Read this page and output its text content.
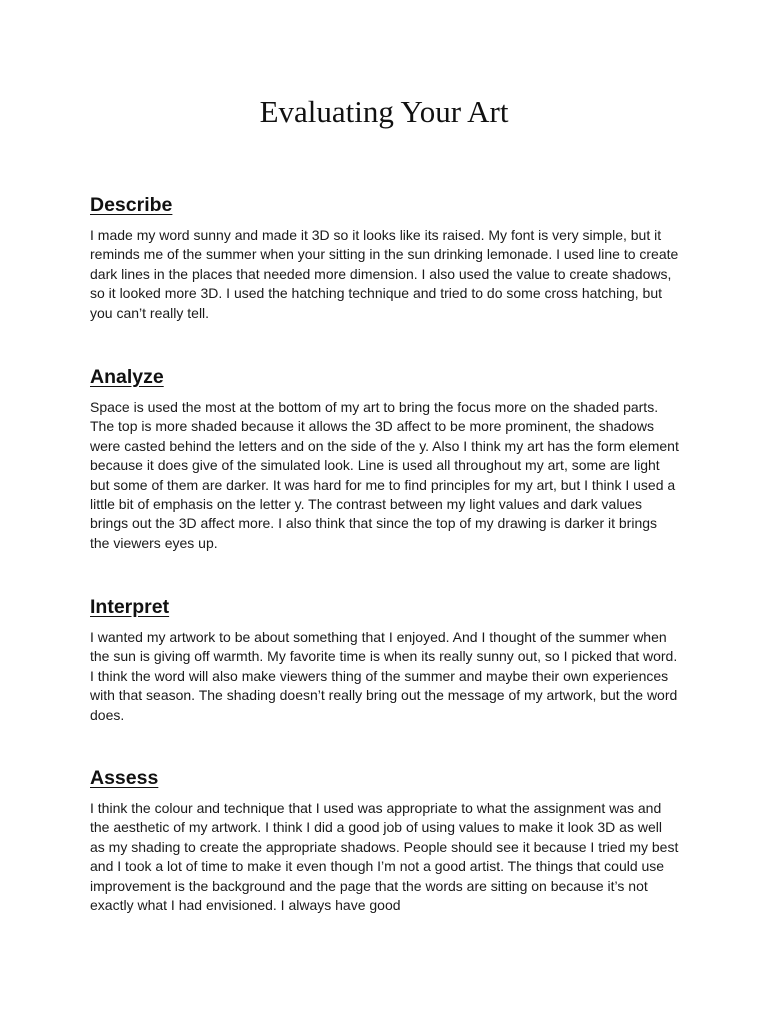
Evaluating Your Art
Describe

I made my word sunny and made it 3D so it looks like its raised. My font is very simple, but it reminds me of the summer when your sitting in the sun drinking lemonade. I used line to create dark lines in the places that needed more dimension. I also used the value to create shadows, so it looked more 3D. I used the hatching technique and tried to do some cross hatching, but you can’t really tell.

Analyze

Space is used the most at the bottom of my art to bring the focus more on the shaded parts. The top is more shaded because it allows the 3D affect to be more prominent, the shadows were casted behind the letters and on the side of the y. Also I think my art has the form element because it does give of the simulated look. Line is used all throughout my art, some are light but some of them are darker. It was hard for me to find principles for my art, but I think I used a little bit of emphasis on the letter y. The contrast between my light values and dark values brings out the 3D affect more. I also think that since the top of my drawing is darker it brings the viewers eyes up.

Interpret

I wanted my artwork to be about something that I enjoyed. And I thought of the summer when the sun is giving off warmth. My favorite time is when its really sunny out, so I picked that word. I think the word will also make viewers thing of the summer and maybe their own experiences with that season. The shading doesn’t really bring out the message of my artwork, but the word does.

Assess

I think the colour and technique that I used was appropriate to what the assignment was and the aesthetic of my artwork. I think I did a good job of using values to make it look 3D as well as my shading to create the appropriate shadows. People should see it because I tried my best and I took a lot of time to make it even though I’m not a good artist. The things that could use improvement is the background and the page that the words are sitting on because it’s not exactly what I had envisioned. I always have good
